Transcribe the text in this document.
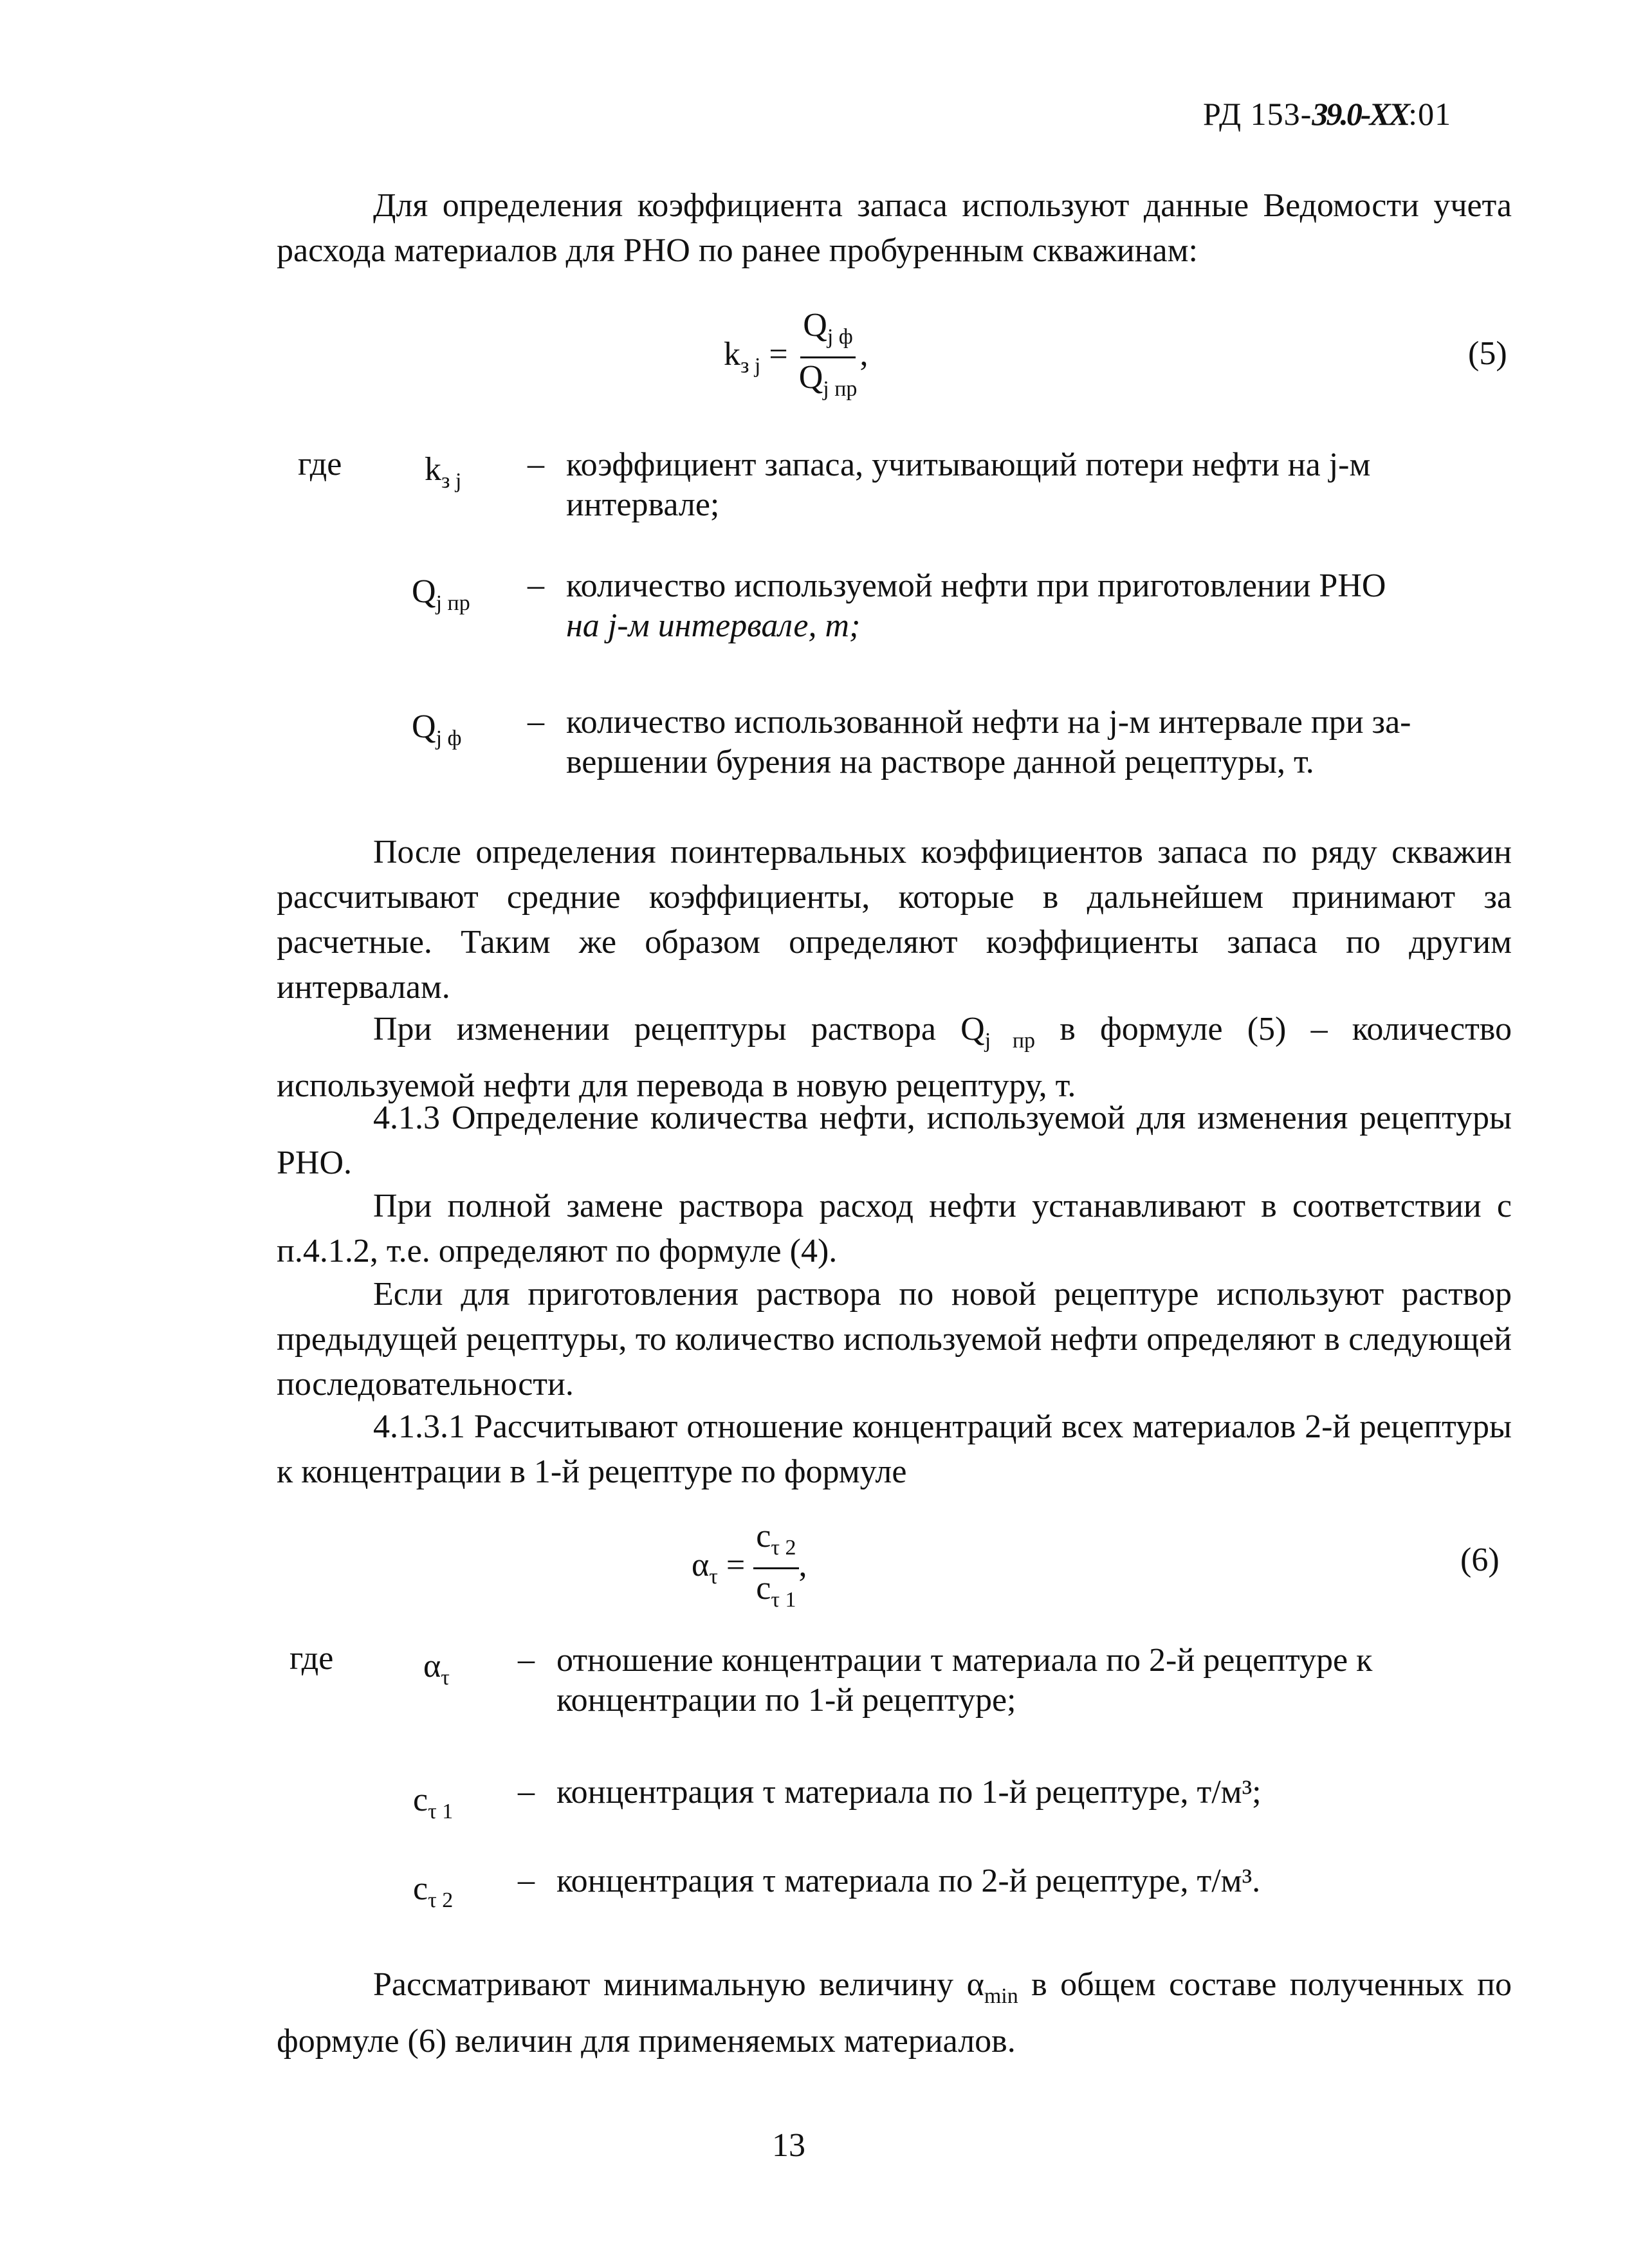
РД 153-39.0-XX:01
Для определения коэффициента запаса используют данные Ведомости учета расхода материалов для РНО по ранее пробуренным скважинам:
$k_{з j} = \frac{Q_{j ф}}{Q_{j пр}}$ ,	(5)
где $k_{з j}$ – коэффициент запаса, учитывающий потери нефти на j-м
интервале;
$Q_{j пр}$ – количество используемой нефти при приготовлении РНО
на j-м интервале, т;
$Q_{j ф}$ – количество использованной нефти на j-м интервале при за-
вершении бурения на растворе данной рецептуры, т.
После определения поинтервальных коэффициентов запаса по ряду скважин рассчитывают средние коэффициенты, которые в дальнейшем принимают за расчетные. Таким же образом определяют коэффициенты запаса по другим интервалам.
При изменении рецептуры раствора $Q_{j пр}$ в формуле (5) – количество используемой нефти для перевода в новую рецептуру, т.
4.1.3 Определение количества нефти, используемой для изменения рецептуры РНО.
При полной замене раствора расход нефти устанавливают в соответствии с п.4.1.2, т.е. определяют по формуле (4).
Если для приготовления раствора по новой рецептуре используют раствор предыдущей рецептуры, то количество используемой нефти определяют в следующей последовательности.
4.1.3.1 Рассчитывают отношение концентраций всех материалов 2-й рецептуры к концентрации в 1-й рецептуре по формуле
$\alpha_\tau = \frac{c_{\tau 2}}{c_{\tau 1}}$ ,	(6)
где	$\alpha_\tau$ – отношение концентрации τ материала по 2-й рецептуре к
концентрации по 1-й рецептуре;
$c_{\tau 1}$
– концентрация τ материала по 1-й рецептуре, т/м³;
$c_{\tau 2}$
– концентрация τ материала по 2-й рецептуре, т/м³.
Рассматривают минимальную величину $\alpha_{min}$ в общем составе полученных по формуле (6) величин для применяемых материалов.
13
